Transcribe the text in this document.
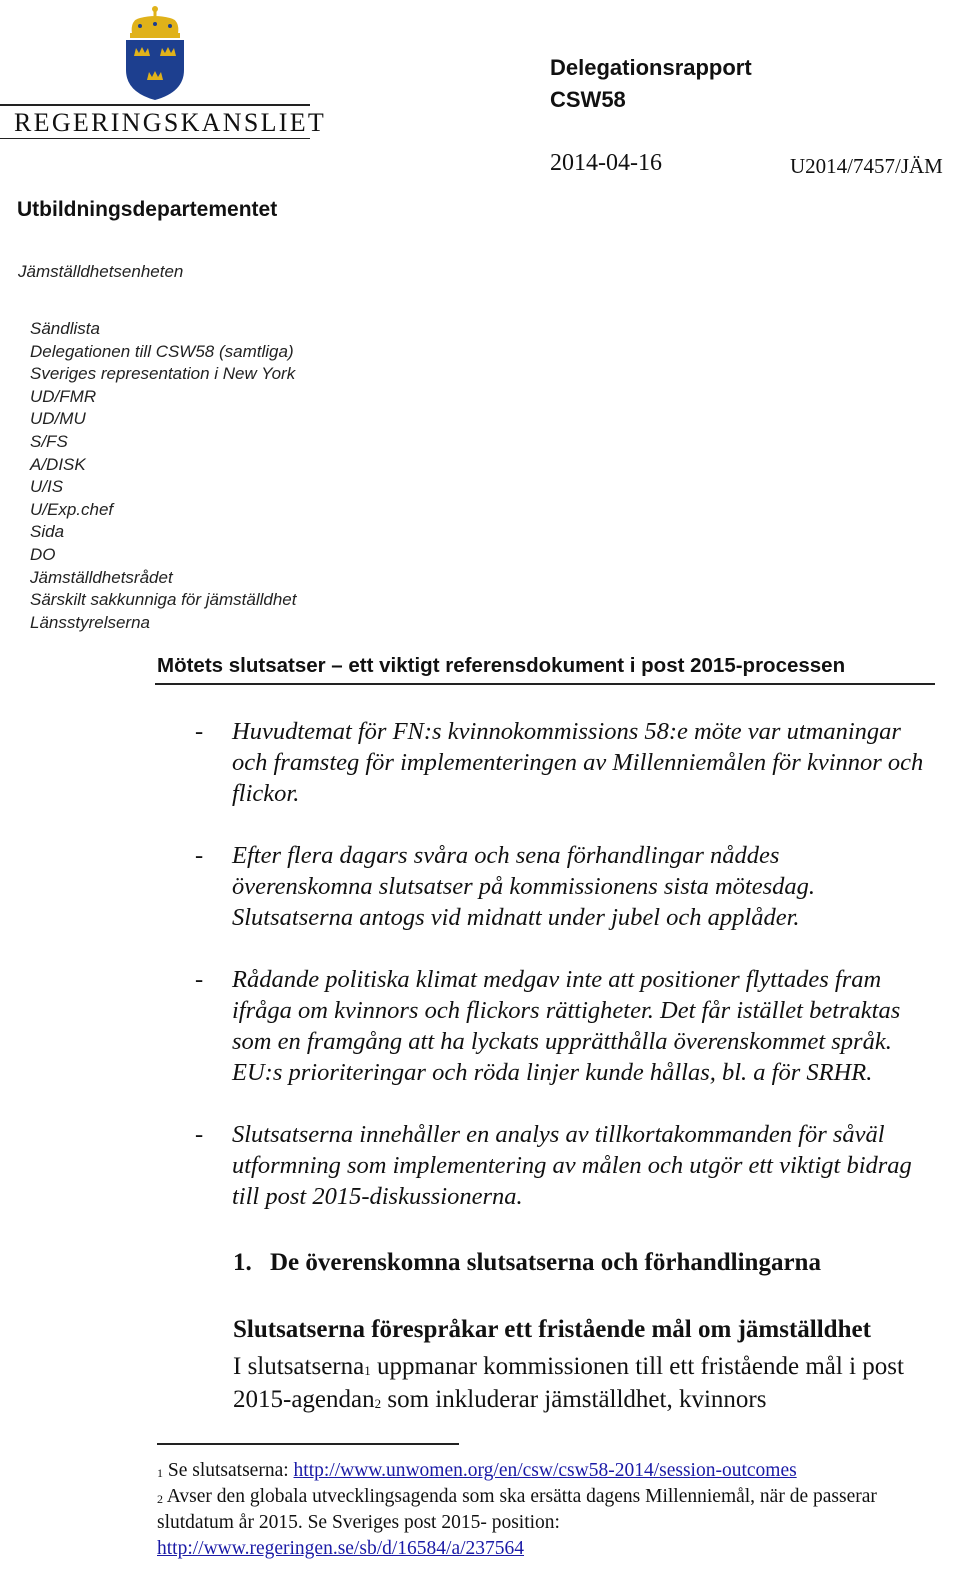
REGERINGSKANSLIET
Delegationsrapport
CSW58
2014-04-16	U2014/7457/JÄM
Utbildningsdepartementet
Jämställdhetsenheten
Sändlista
Delegationen till CSW58 (samtliga)
Sveriges representation i New York
UD/FMR
UD/MU
S/FS
A/DISK
U/IS
U/Exp.chef
Sida
DO
Jämställdhetsrådet
Särskilt sakkunniga för jämställdhet
Länsstyrelserna
Mötets slutsatser – ett viktigt referensdokument i post 2015-processen
- Huvudtemat för FN:s kvinnokommissions 58:e möte var utmaningar och framsteg för implementeringen av Millenniemålen för kvinnor och flickor.
- Efter flera dagars svåra och sena förhandlingar nåddes överenskomna slutsatser på kommissionens sista mötesdag. Slutsatserna antogs vid midnatt under jubel och applåder.
- Rådande politiska klimat medgav inte att positioner flyttades fram ifråga om kvinnors och flickors rättigheter. Det får istället betraktas som en framgång att ha lyckats upprätthålla överenskommet språk. EU:s prioriteringar och röda linjer kunde hållas, bl. a för SRHR.
- Slutsatserna innehåller en analys av tillkortakommanden för såväl utformning som implementering av målen och utgör ett viktigt bidrag till post 2015-diskussionerna.
1. De överenskomna slutsatserna och förhandlingarna
Slutsatserna förespråkar ett fristående mål om jämställdhet
I slutsatserna$^1$ uppmanar kommissionen till ett fristående mål i post 2015-agendan$^2$ som inkluderar jämställdhet, kvinnors
$^1$ Se slutsatserna: http://www.unwomen.org/en/csw/csw58-2014/session-outcomes
$^2$ Avser den globala utvecklingsagenda som ska ersätta dagens Millenniemål, när de passerar slutdatum år 2015. Se Sveriges post 2015- position:
http://www.regeringen.se/sb/d/16584/a/237564
